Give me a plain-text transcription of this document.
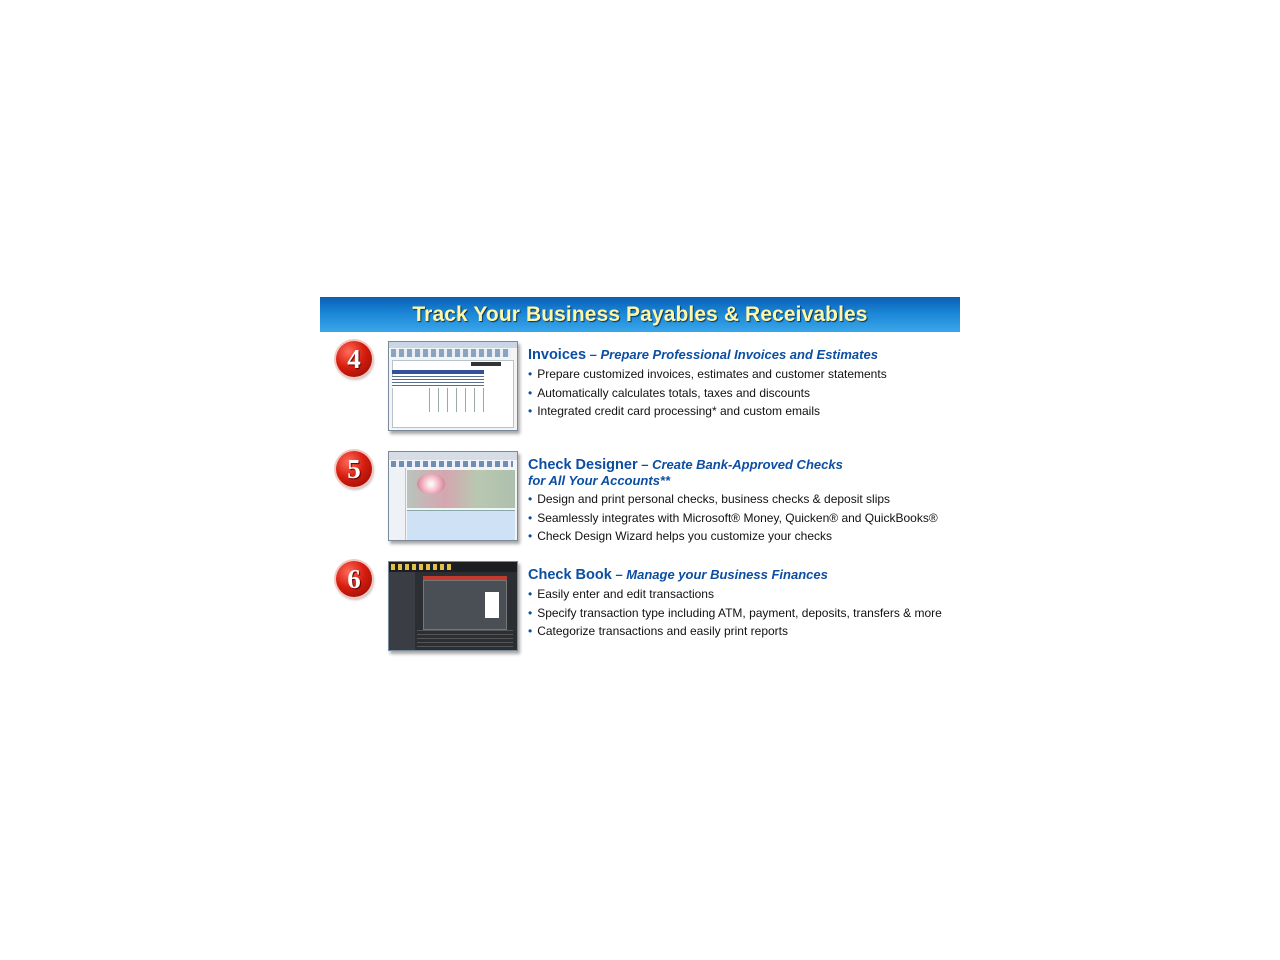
Track Your Business Payables & Receivables
4	Invoices – Prepare Professional Invoices and Estimates
• Prepare customized invoices, estimates and customer statements
• Automatically calculates totals, taxes and discounts
• Integrated credit card processing* and custom emails
5	Check Designer – Create Bank-Approved Checks
for All Your Accounts**
• Design and print personal checks, business checks & deposit slips
• Seamlessly integrates with Microsoft® Money, Quicken® and QuickBooks®
• Check Design Wizard helps you customize your checks
6	Check Book – Manage your Business Finances
• Easily enter and edit transactions
• Specify transaction type including ATM, payment, deposits, transfers & more
• Categorize transactions and easily print reports
